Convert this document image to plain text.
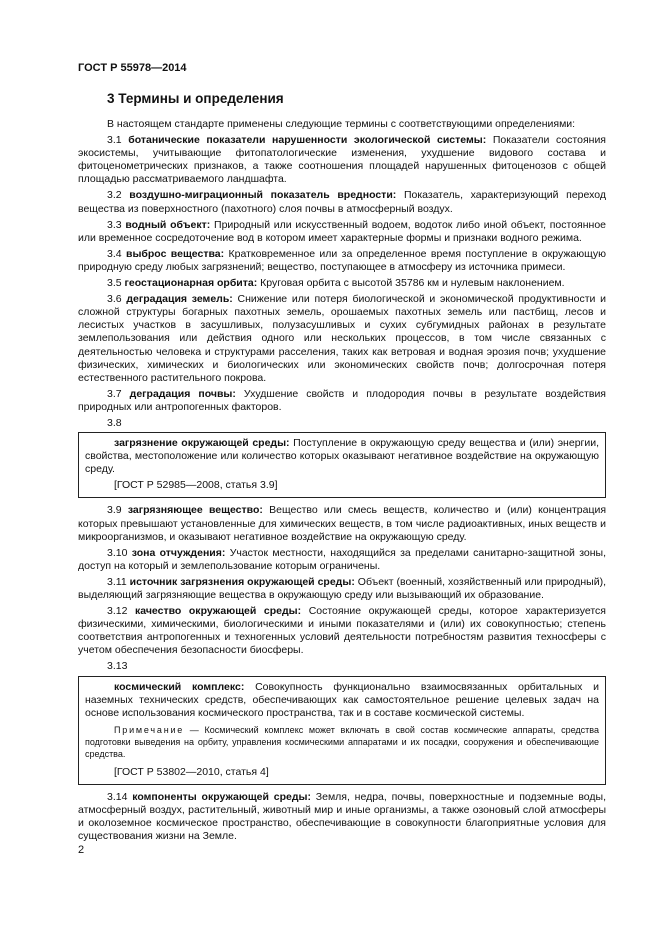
ГОСТ Р 55978—2014
3 Термины и определения

В настоящем стандарте применены следующие термины с соответствующими определениями:

3.1 ботанические показатели нарушенности экологической системы: Показатели состояния экосистемы, учитывающие фитопатологические изменения, ухудшение видового состава и фитоценометрических признаков, а также соотношения площадей нарушенных фитоценозов с общей площадью рассматриваемого ландшафта.

3.2 воздушно-миграционный показатель вредности: Показатель, характеризующий переход вещества из поверхностного (пахотного) слоя почвы в атмосферный воздух.

3.3 водный объект: Природный или искусственный водоем, водоток либо иной объект, постоянное или временное сосредоточение вод в котором имеет характерные формы и признаки водного режима.

3.4 выброс вещества: Кратковременное или за определенное время поступление в окружающую природную среду любых загрязнений; вещество, поступающее в атмосферу из источника примеси.

3.5 геостационарная орбита: Круговая орбита с высотой 35786 км и нулевым наклонением.

3.6 деградация земель: Снижение или потеря биологической и экономической продуктивности и сложной структуры богарных пахотных земель, орошаемых пахотных земель или пастбищ, лесов и лесистых участков в засушливых, полузасушливых и сухих субгумидных районах в результате землепользования или действия одного или нескольких процессов, в том числе связанных с деятельностью человека и структурами расселения, таких как ветровая и водная эрозия почв; ухудшение физических, химических и биологических или экономических свойств почв; долгосрочная потеря естественного растительного покрова.

3.7 деградация почвы: Ухудшение свойств и плодородия почвы в результате воздействия природных или антропогенных факторов.

3.8

загрязнение окружающей среды: Поступление в окружающую среду вещества и (или) энергии, свойства, местоположение или количество которых оказывают негативное воздействие на окружающую среду.

[ГОСТ Р 52985—2008, статья 3.9]

3.9 загрязняющее вещество: Вещество или смесь веществ, количество и (или) концентрация которых превышают установленные для химических веществ, в том числе радиоактивных, иных веществ и микроорганизмов, и оказывают негативное воздействие на окружающую среду.

3.10 зона отчуждения: Участок местности, находящийся за пределами санитарно-защитной зоны, доступ на который и землепользование которым ограничены.

3.11 источник загрязнения окружающей среды: Объект (военный, хозяйственный или природный), выделяющий загрязняющие вещества в окружающую среду или вызывающий их образование.

3.12 качество окружающей среды: Состояние окружающей среды, которое характеризуется физическими, химическими, биологическими и иными показателями и (или) их совокупностью; степень соответствия антропогенных и техногенных условий деятельности потребностям развития техносферы с учетом обеспечения безопасности биосферы.

3.13

космический комплекс: Совокупность функционально взаимосвязанных орбитальных и наземных технических средств, обеспечивающих как самостоятельное решение целевых задач на основе использования космического пространства, так и в составе космической системы.

Примечание — Космический комплекс может включать в свой состав космические аппараты, средства подготовки выведения на орбиту, управления космическими аппаратами и их посадки, сооружения и обеспечивающие средства.

[ГОСТ Р 53802—2010, статья 4]

3.14 компоненты окружающей среды: Земля, недра, почвы, поверхностные и подземные воды, атмосферный воздух, растительный, животный мир и иные организмы, а также озоновый слой атмосферы и околоземное космическое пространство, обеспечивающие в совокупности благоприятные условия для существования жизни на Земле.

2
